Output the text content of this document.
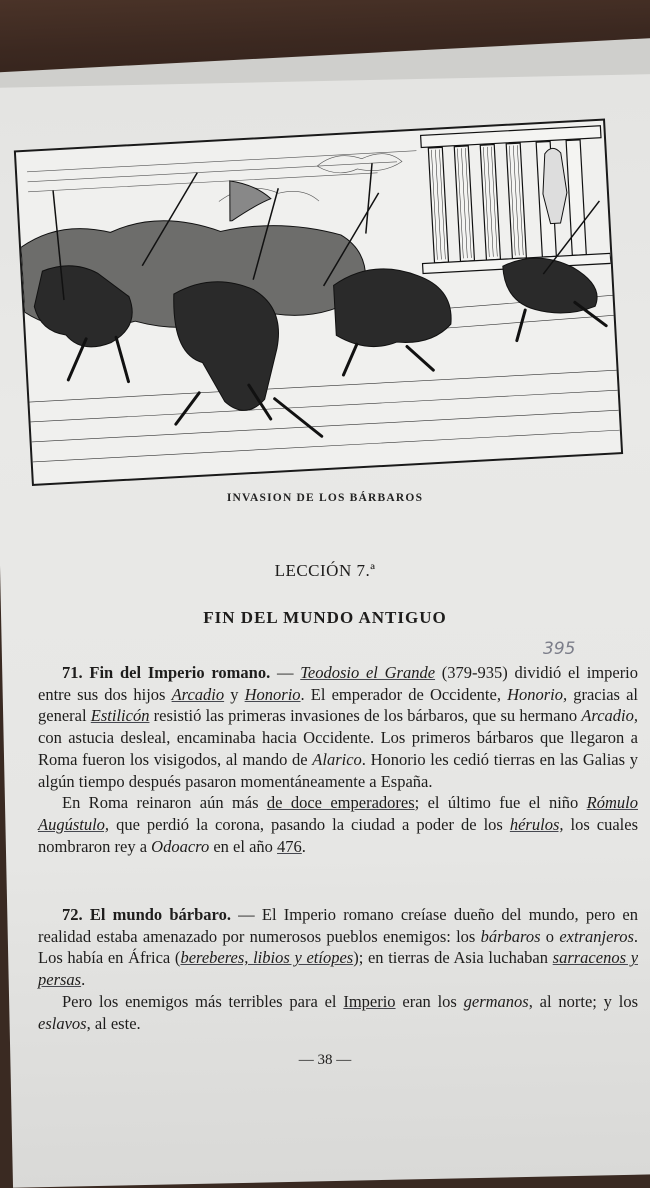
INVASION DE LOS BÁRBAROS
LECCIÓN 7.ª
FIN DEL MUNDO ANTIGUO
395

71. Fin del Imperio romano. — Teodosio el Grande (379-935) dividió el imperio entre sus dos hijos Arcadio y Honorio. El emperador de Occidente, Honorio, gracias al general Estilicón resistió las primeras invasiones de los bárbaros, que su hermano Arcadio, con astucia desleal, encaminaba hacia Occidente. Los primeros bárbaros que llegaron a Roma fueron los visigodos, al mando de Alarico. Honorio les cedió tierras en las Galias y algún tiempo después pasaron momentáneamente a España.

En Roma reinaron aún más de doce emperadores; el último fue el niño Rómulo Augústulo, que perdió la corona, pasando la ciudad a poder de los hérulos, los cuales nombraron rey a Odoacro en el año 476.

72. El mundo bárbaro. — El Imperio romano creíase dueño del mundo, pero en realidad estaba amenazado por numerosos pueblos enemigos: los bárbaros o extranjeros. Los había en África (bereberes, libios y etíopes); en tierras de Asia luchaban sarracenos y persas.

Pero los enemigos más terribles para el Imperio eran los germanos, al norte; y los eslavos, al este.

— 38 —
